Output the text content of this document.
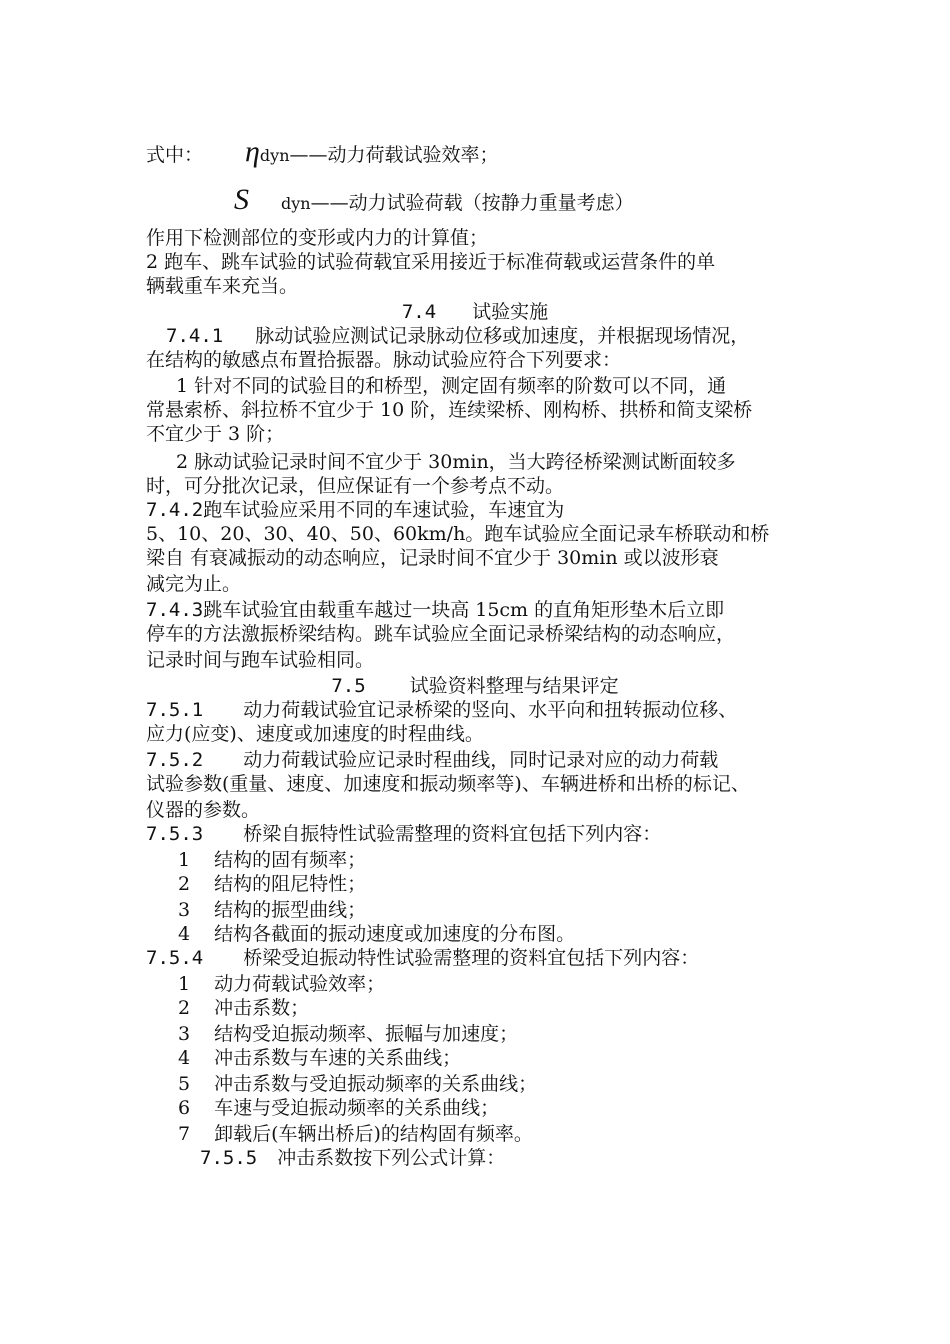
式中： ηdyn——动力荷载试验效率；
S dyn——动力试验荷载（按静力重量考虑）
作用下检测部位的变形或内力的计算值；
2 跑车、跳车试验的试验荷载宜采用接近于标准荷载或运营条件的单
辆载重车来充当。
7.4 试验实施
7.4.1 脉动试验应测试记录脉动位移或加速度，并根据现场情况，
在结构的敏感点布置拾振器。脉动试验应符合下列要求：
1 针对不同的试验目的和桥型，测定固有频率的阶数可以不同，通
常悬索桥、斜拉桥不宜少于 10 阶，连续梁桥、刚构桥、拱桥和简支梁桥
不宜少于 3 阶；
2 脉动试验记录时间不宜少于 30min，当大跨径桥梁测试断面较多
时，可分批次记录，但应保证有一个参考点不动。
7.4.2跑车试验应采用不同的车速试验，车速宜为
5、10、20、30、40、50、60km/h。跑车试验应全面记录车桥联动和桥
梁自 有衰减振动的动态响应，记录时间不宜少于 30min 或以波形衰
减完为止。
7.4.3跳车试验宜由载重车越过一块高 15cm 的直角矩形垫木后立即
停车的方法激振桥梁结构。跳车试验应全面记录桥梁结构的动态响应，
记录时间与跑车试验相同。
7.5 试验资料整理与结果评定
7.5.1 动力荷载试验宜记录桥梁的竖向、水平向和扭转振动位移、
应力(应变)、速度或加速度的时程曲线。
7.5.2 动力荷载试验应记录时程曲线，同时记录对应的动力荷载
试验参数(重量、速度、加速度和振动频率等)、车辆进桥和出桥的标记、
仪器的参数。
7.5.3 桥梁自振特性试验需整理的资料宜包括下列内容：
1 结构的固有频率；
2 结构的阻尼特性；
3 结构的振型曲线；
4 结构各截面的振动速度或加速度的分布图。
7.5.4 桥梁受迫振动特性试验需整理的资料宜包括下列内容：
1 动力荷载试验效率；
2 冲击系数；
3 结构受迫振动频率、振幅与加速度；
4 冲击系数与车速的关系曲线；
5 冲击系数与受迫振动频率的关系曲线；
6 车速与受迫振动频率的关系曲线；
7 卸载后(车辆出桥后)的结构固有频率。
7.5.5 冲击系数按下列公式计算：
